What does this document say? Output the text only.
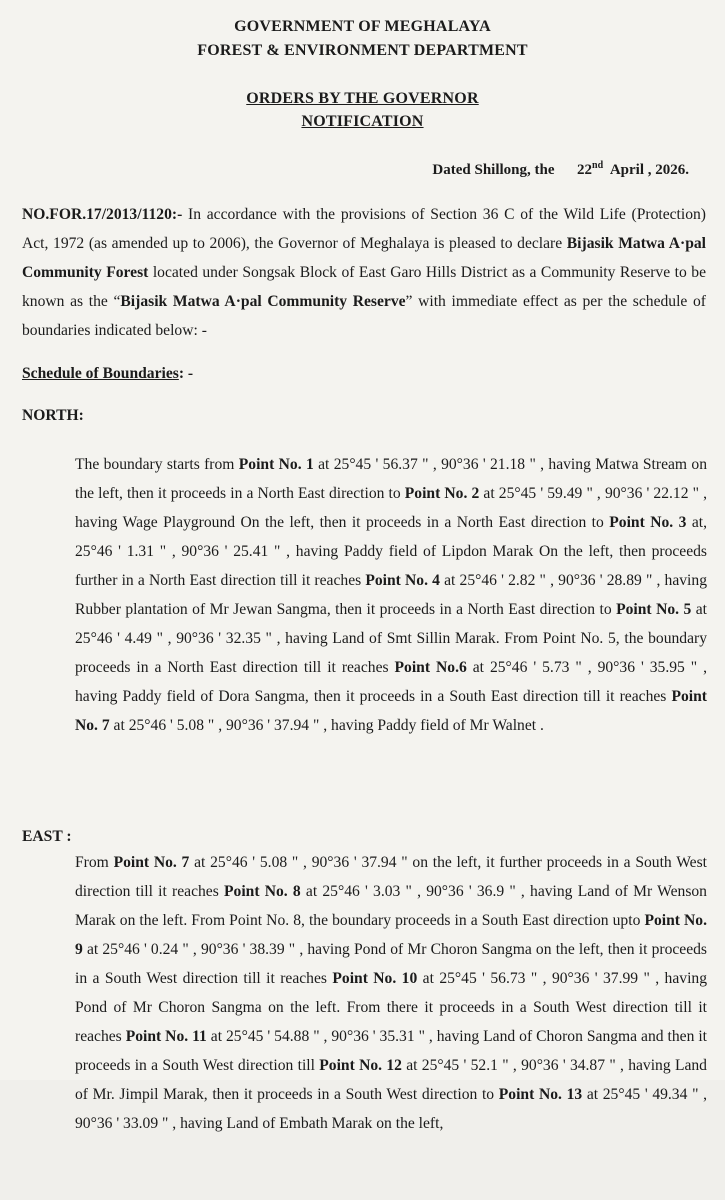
GOVERNMENT OF MEGHALAYA
FOREST & ENVIRONMENT DEPARTMENT
ORDERS BY THE GOVERNOR
NOTIFICATION
Dated Shillong, the 22nd April , 2026.

NO.FOR.17/2013/1120:- In accordance with the provisions of Section 36 C of the Wild Life (Protection) Act, 1972 (as amended up to 2006), the Governor of Meghalaya is pleased to declare Bijasik Matwa A·pal Community Forest located under Songsak Block of East Garo Hills District as a Community Reserve to be known as the “Bijasik Matwa A·pal Community Reserve” with immediate effect as per the schedule of boundaries indicated below: -

Schedule of Boundaries: -
NORTH:

The boundary starts from Point No. 1 at 25°45 ' 56.37 " , 90°36 ' 21.18 " , having Matwa Stream on the left, then it proceeds in a North East direction to Point No. 2 at 25°45 ' 59.49 " , 90°36 ' 22.12 " , having Wage Playground On the left, then it proceeds in a North East direction to Point No. 3 at, 25°46 ' 1.31 " , 90°36 ' 25.41 " , having Paddy field of Lipdon Marak On the left, then proceeds further in a North East direction till it reaches Point No. 4 at 25°46 ' 2.82 " , 90°36 ' 28.89 " , having Rubber plantation of Mr Jewan Sangma, then it proceeds in a North East direction to Point No. 5 at 25°46 ' 4.49 " , 90°36 ' 32.35 " , having Land of Smt Sillin Marak. From Point No. 5, the boundary proceeds in a North East direction till it reaches Point No.6 at 25°46 ' 5.73 " , 90°36 ' 35.95 " , having Paddy field of Dora Sangma, then it proceeds in a South East direction till it reaches Point No. 7 at 25°46 ' 5.08 " , 90°36 ' 37.94 " , having Paddy field of Mr Walnet .

EAST :

From Point No. 7 at 25°46 ' 5.08 " , 90°36 ' 37.94 " on the left, it further proceeds in a South West direction till it reaches Point No. 8 at 25°46 ' 3.03 " , 90°36 ' 36.9 " , having Land of Mr Wenson Marak on the left. From Point No. 8, the boundary proceeds in a South East direction upto Point No. 9 at 25°46 ' 0.24 " , 90°36 ' 38.39 " , having Pond of Mr Choron Sangma on the left, then it proceeds in a South West direction till it reaches Point No. 10 at 25°45 ' 56.73 " , 90°36 ' 37.99 " , having Pond of Mr Choron Sangma on the left. From there it proceeds in a South West direction till it reaches Point No. 11 at 25°45 ' 54.88 " , 90°36 ' 35.31 " , having Land of Choron Sangma and then it proceeds in a South West direction till Point No. 12 at 25°45 ' 52.1 " , 90°36 ' 34.87 " , having Land of Mr. Jimpil Marak, then it proceeds in a South West direction to Point No. 13 at 25°45 ' 49.34 " , 90°36 ' 33.09 " , having Land of Embath Marak on the left,
